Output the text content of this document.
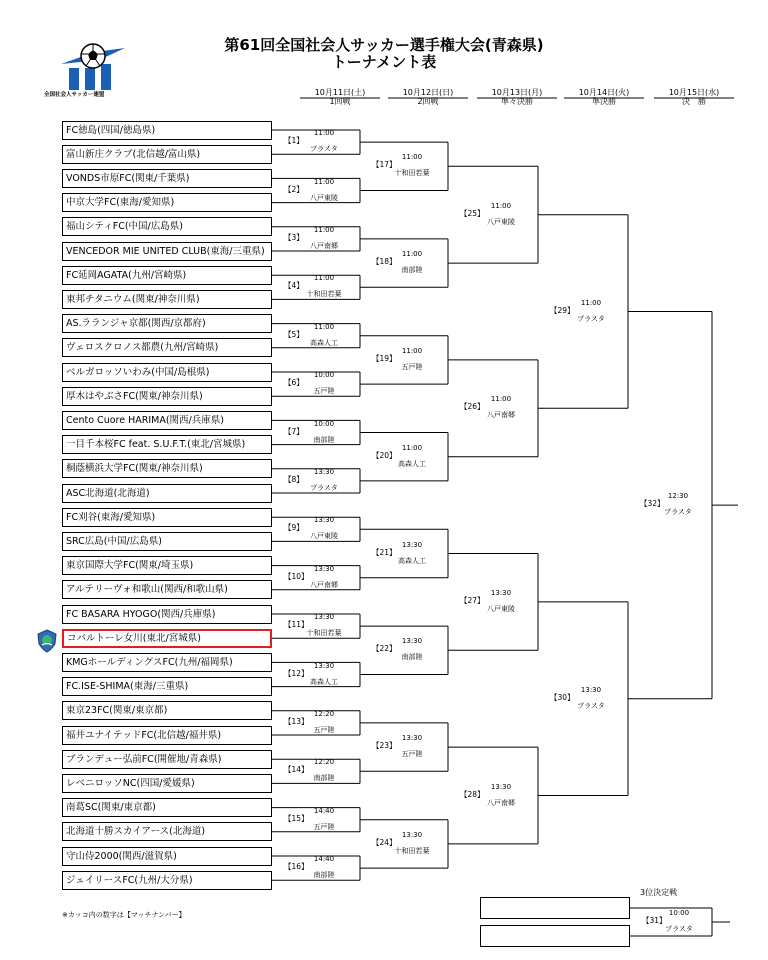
全国社会人サッカー連盟
第61回全国社会人サッカー選手権大会(青森県)
トーナメント表
10月11日(土)
1回戦
10月12日(日)
2回戦
10月13日(月)
準々決勝
10月14日(火)
準決勝
10月15日(水)
決　勝
FC徳島(四国/徳島県)
富山新庄クラブ(北信越/富山県)
VONDS市原FC(関東/千葉県)
中京大学FC(東海/愛知県)
福山シティFC(中国/広島県)
VENCEDOR MIE UNITED CLUB(東海/三重県)
FC延岡AGATA(九州/宮崎県)
東邦チタニウム(関東/神奈川県)
AS.ラランジャ京都(関西/京都府)
ヴェロスクロノス都農(九州/宮崎県)
ベルガロッソいわみ(中国/島根県)
厚木はやぶさFC(関東/神奈川県)
Cento Cuore HARIMA(関西/兵庫県)
一目千本桜FC feat. S.U.F.T.(東北/宮城県)
桐蔭横浜大学FC(関東/神奈川県)
ASC北海道(北海道)
FC刈谷(東海/愛知県)
SRC広島(中国/広島県)
東京国際大学FC(関東/埼玉県)
アルテリーヴォ和歌山(関西/和歌山県)
FC BASARA HYOGO(関西/兵庫県)
コバルトーレ女川(東北/宮城県)
KMGホールディングスFC(九州/福岡県)
FC.ISE-SHIMA(東海/三重県)
東京23FC(関東/東京都)
福井ユナイテッドFC(北信越/福井県)
ブランデュー弘前FC(開催地/青森県)
レベニロッソNC(四国/愛媛県)
南葛SC(関東/東京都)
北海道十勝スカイアース(北海道)
守山侍2000(関西/滋賀県)
ジェイリースFC(九州/大分県)
【1】
11:00
プラスタ
【2】
11:00
八戸東陵
【3】
11:00
八戸南郷
【4】
11:00
十和田若葉
【5】
11:00
高森人工
【6】
10:00
五戸陸
【7】
10:00
南部陸
【8】
13:30
プラスタ
【9】
13:30
八戸東陵
【10】
13:30
八戸南郷
【11】
13:30
十和田若葉
【12】
13:30
高森人工
【13】
12:20
五戸陸
【14】
12:20
南部陸
【15】
14:40
五戸陸
【16】
14:40
南部陸
【17】
11:00
十和田若葉
【18】
11:00
南部陸
【19】
11:00
五戸陸
【20】
11:00
高森人工
【21】
13:30
高森人工
【22】
13:30
南部陸
【23】
13:30
五戸陸
【24】
13:30
十和田若葉
【25】
11:00
八戸東陵
【26】
11:00
八戸南郷
【27】
13:30
八戸東陵
【28】
13:30
八戸南郷
【29】
11:00
プラスタ
【30】
13:30
プラスタ
【32】
12:30
プラスタ
【31】
10:00
プラスタ
3位決定戦
※カッコ内の数字は【マッチナンバー】
